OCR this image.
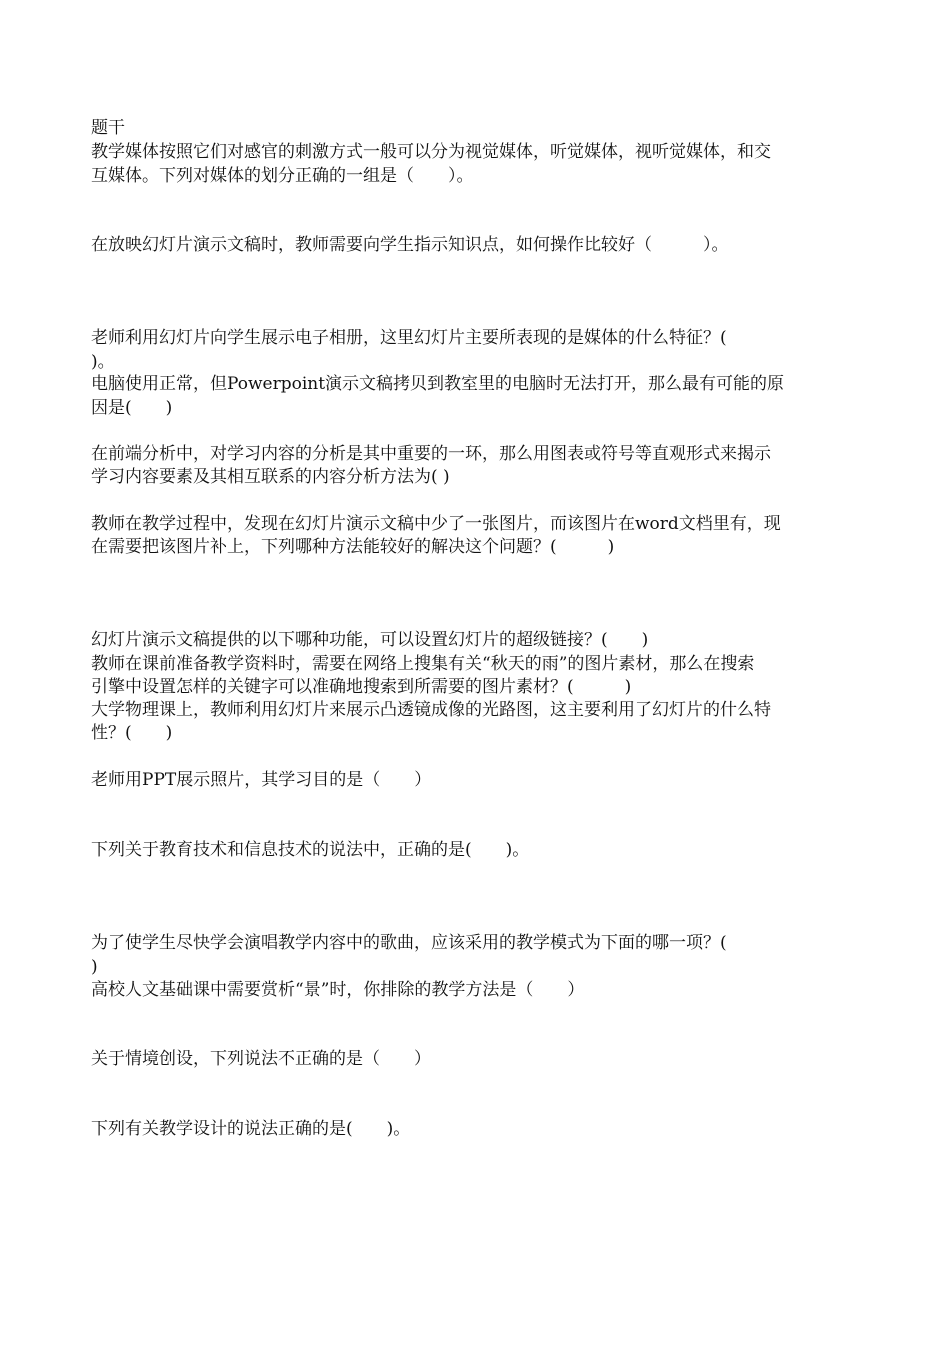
题干
教学媒体按照它们对感官的刺激方式一般可以分为视觉媒体，听觉媒体，视听觉媒体，和交
互媒体。下列对媒体的划分正确的一组是（　　）。
在放映幻灯片演示文稿时，教师需要向学生指示知识点，如何操作比较好（　　　）。
老师利用幻灯片向学生展示电子相册，这里幻灯片主要所表现的是媒体的什么特征？(
)。
电脑使用正常，但Powerpoint演示文稿拷贝到教室里的电脑时无法打开，那么最有可能的原
因是(　　)
在前端分析中，对学习内容的分析是其中重要的一环，那么用图表或符号等直观形式来揭示
学习内容要素及其相互联系的内容分析方法为( )
教师在教学过程中，发现在幻灯片演示文稿中少了一张图片，而该图片在word文档里有，现
在需要把该图片补上，下列哪种方法能较好的解决这个问题？(　　　)
幻灯片演示文稿提供的以下哪种功能，可以设置幻灯片的超级链接？(　　)
教师在课前准备教学资料时，需要在网络上搜集有关“秋天的雨”的图片素材，那么在搜索
引擎中设置怎样的关键字可以准确地搜索到所需要的图片素材？(　　　)
大学物理课上，教师利用幻灯片来展示凸透镜成像的光路图，这主要利用了幻灯片的什么特
性？(　　)
老师用PPT展示照片，其学习目的是（　　）
下列关于教育技术和信息技术的说法中，正确的是(　　)。
为了使学生尽快学会演唱教学内容中的歌曲，应该采用的教学模式为下面的哪一项？(
)
高校人文基础课中需要赏析“景”时，你排除的教学方法是（　　）
关于情境创设，下列说法不正确的是（　　）
下列有关教学设计的说法正确的是(　　)。
